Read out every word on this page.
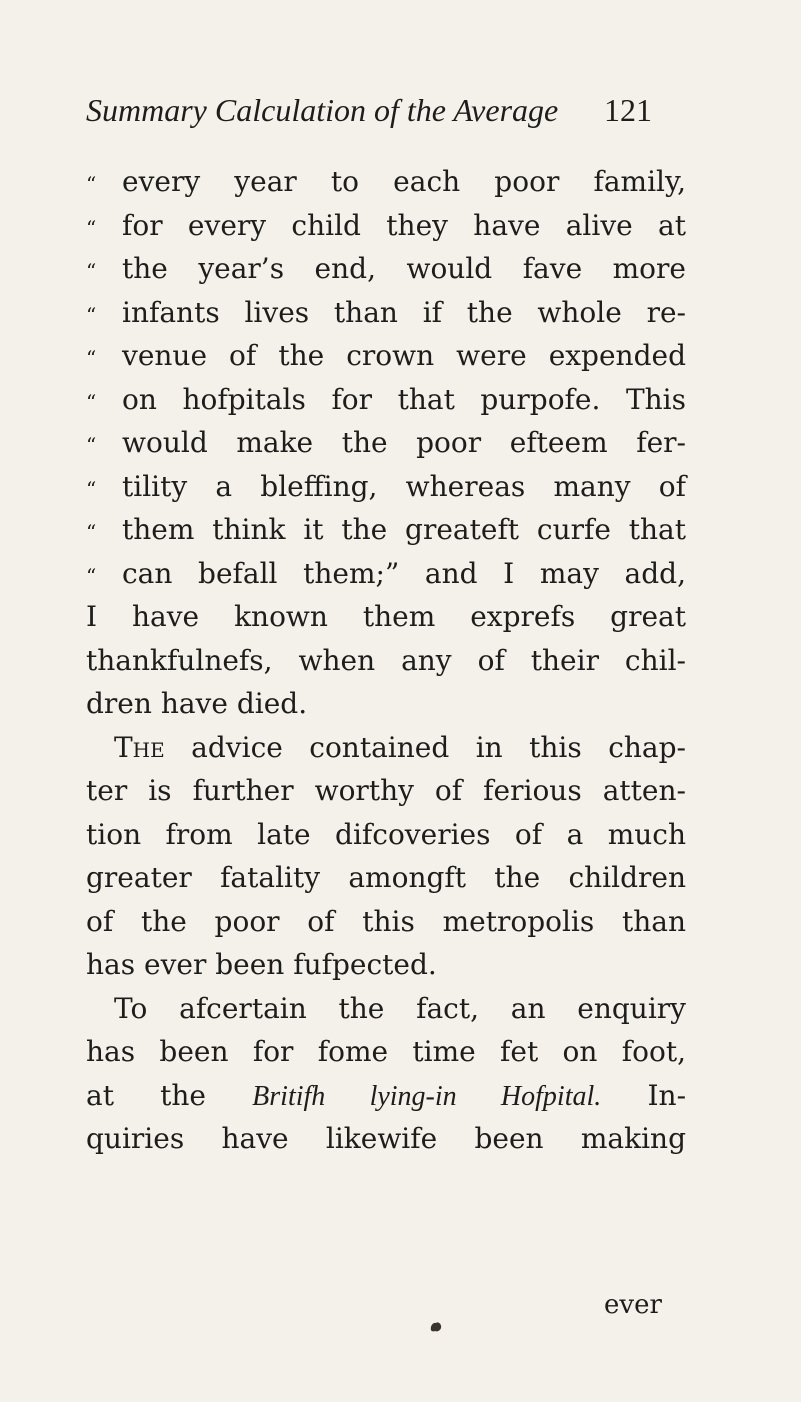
Summary Calculation of the Average	121
“ every year to each poor family,
“ for every child they have alive at
“ the year’s end, would fave more
“ infants lives than if the whole re-
“ venue of the crown were expended
“ on hofpitals for that purpofe. This
“ would make the poor efteem fer-
“ tility a bleffing, whereas many of
“ them think it the greateft curfe that
“ can befall them;” and I may add,
I have known them exprefs great
thankfulnefs, when any of their chil-
dren have died.
The advice contained in this chap-
ter is further worthy of ferious atten-
tion from late difcoveries of a much
greater fatality amongft the children
of the poor of this metropolis than
has ever been fufpected.
To afcertain the fact, an enquiry
has been for fome time fet on foot,
at the Britifh lying-in Hofpital. In-
quiries have likewife been making
ever
